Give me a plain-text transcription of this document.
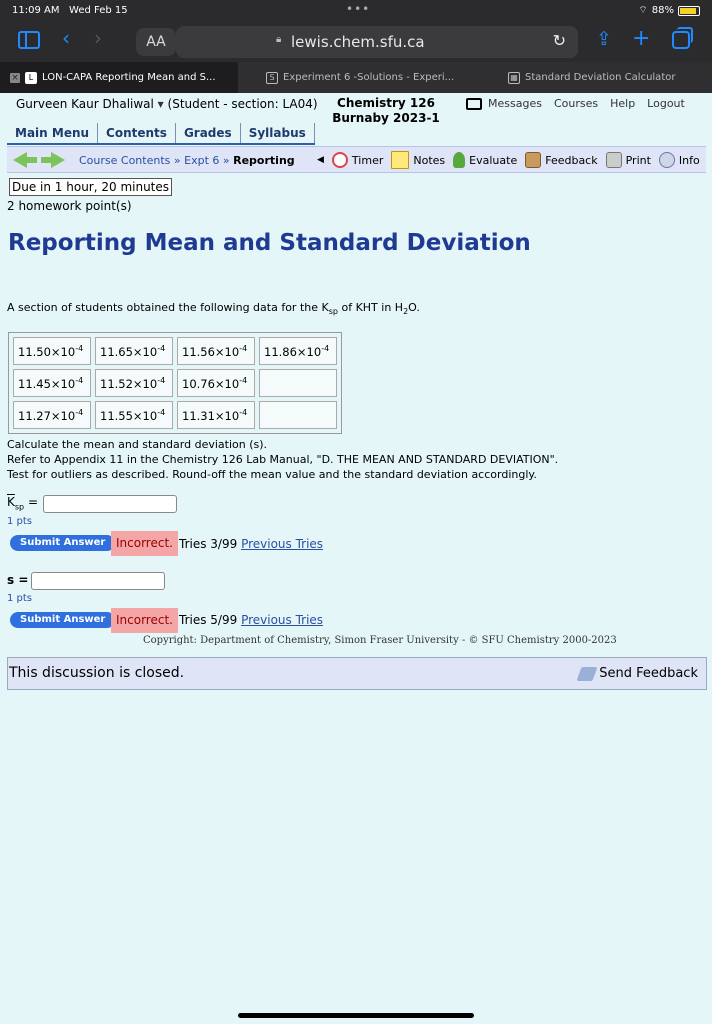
11:09 AM Wed Feb 15	•••	⌔ 88%
‹ ›	AA	🔒︎ lewis.chem.sfu.ca	↻ ⇪ +
×	L LON-CAPA Reporting Mean and S...	S Experiment 6 -Solutions - Experi...	▦ Standard Deviation Calculator
Gurveen Kaur Dhaliwal ▾ (Student - section: LA04)	Chemistry 126
Burnaby 2023-1
Messages Courses Help Logout
Main Menu	Contents	Grades	Syllabus
Course Contents » Expt 6 » Reporting ◀	Timer	Notes Evaluate	Feedback	Print	Info
Due in 1 hour, 20 minutes
2 homework point(s)
Reporting Mean and Standard Deviation
A section of students obtained the following data for the $K_{sp}$ of KHT in $H_2O$.
$11.50\times 10^{-4}$	$11.65\times 10^{-4}$	$11.56\times 10^{-4}$	$11.86\times 10^{-4}$
$11.45\times 10^{-4}$	$11.52\times 10^{-4}$	$10.76\times 10^{-4}$	
$11.27\times 10^{-4}$	$11.55\times 10^{-4}$	$11.31\times 10^{-4}$	
Calculate the mean and standard deviation (s).
Refer to Appendix 11 in the Chemistry 126 Lab Manual, "D. THE MEAN AND STANDARD DEVIATION".
Test for outliers as described. Round-off the mean value and the standard deviation accordingly.
$\overline{K}_{sp}$ =
1 pts
Submit Answer Incorrect. Tries 3/99 Previous Tries
s =
1 pts
Submit Answer Incorrect. Tries 5/99 Previous Tries
Copyright: Department of Chemistry, Simon Fraser University - © SFU Chemistry 2000-2023
This discussion is closed.	Send Feedback
